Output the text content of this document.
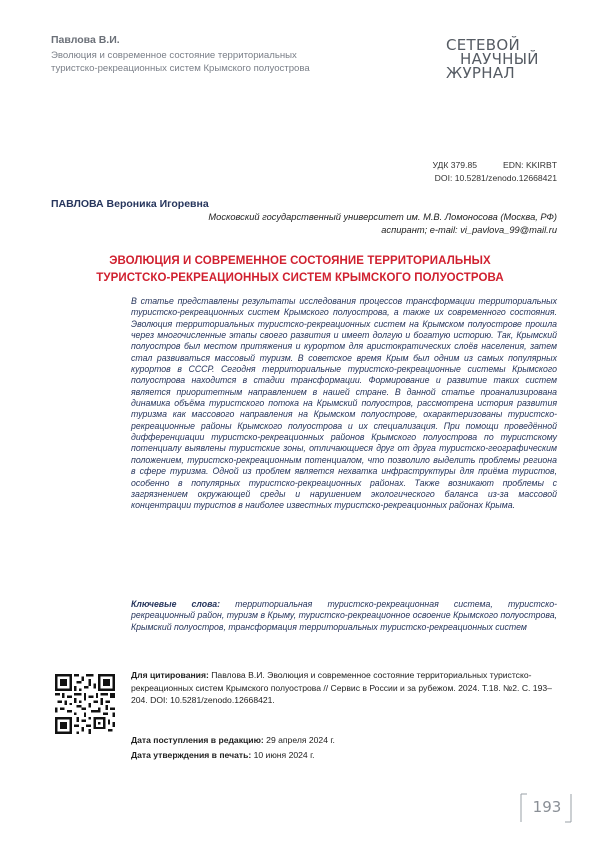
Павлова В.И.

Эволюция и современное состояние территориальных
туристско-рекреационных систем Крымского полуострова

СЕТЕВОЙ
НАУЧНЫЙ
ЖУРНАЛ
УДК 379.85	EDN: KKIRBT
DOI: 10.5281/zenodo.12668421
ПАВЛОВА Вероника Игоревна
Московский государственный университет им. М.В. Ломоносова (Москва, РФ)
аспирант; e-mail: vi_pavlova_99@mail.ru
ЭВОЛЮЦИЯ И СОВРЕМЕННОЕ СОСТОЯНИЕ ТЕРРИТОРИАЛЬНЫХ
ТУРИСТСКО-РЕКРЕАЦИОННЫХ СИСТЕМ КРЫМСКОГО ПОЛУОСТРОВА

В статье представлены результаты исследования процессов трансформации территориальных туристско-рекреационных систем Крымского полуострова, а также их современного состояния. Эволюция территориальных туристско-рекреационных систем на Крымском полуострове прошла через многочисленные этапы своего развития и имеет долгую и богатую историю. Так, Крымский полуостров был местом притяжения и курортом для аристократических слоёв населения, затем стал развиваться массовый туризм. В советское время Крым был одним из самых популярных курортов в СССР. Сегодня территориальные туристско-рекреационные системы Крымского полуострова находится в стадии трансформации. Формирование и развитие таких систем является приоритетным направлением в нашей стране. В данной статье проанализирована динамика объёма туристского потока на Крымский полуостров, рассмотрена история развития туризма как массового направления на Крымском полуострове, охарактеризованы туристско-рекреационные районы Крымского полуострова и их специализация. При помощи проведённой дифференциации туристско-рекреационных районов Крымского полуострова по туристскому потенциалу выявлены туристские зоны, отличающиеся друг от друга туристско-географическим положением, туристско-рекреационным потенциалом, что позволило выделить проблемы региона в сфере туризма. Одной из проблем является нехватка инфраструктуры для приёма туристов, особенно в популярных туристско-рекреационных районах. Также возникают проблемы с загрязнением окружающей среды и нарушением экологического баланса из-за массовой концентрации туристов в наиболее известных туристско-рекреационных районах Крыма.

Ключевые слова: территориальная туристско-рекреационная система, туристско-рекреационный район, туризм в Крыму, туристско-рекреационное освоение Крымского полуострова, Крымский полуостров, трансформация территориальных туристско-рекреационных систем

Для цитирования: Павлова В.И. Эволюция и современное состояние территориальных туристско-рекреационных систем Крымского полуострова // Сервис в России и за рубежом. 2024. Т.18. №2. С. 193–204. DOI: 10.5281/zenodo.12668421.

Дата поступления в редакцию: 29 апреля 2024 г.
Дата утверждения в печать: 10 июня 2024 г.
193
